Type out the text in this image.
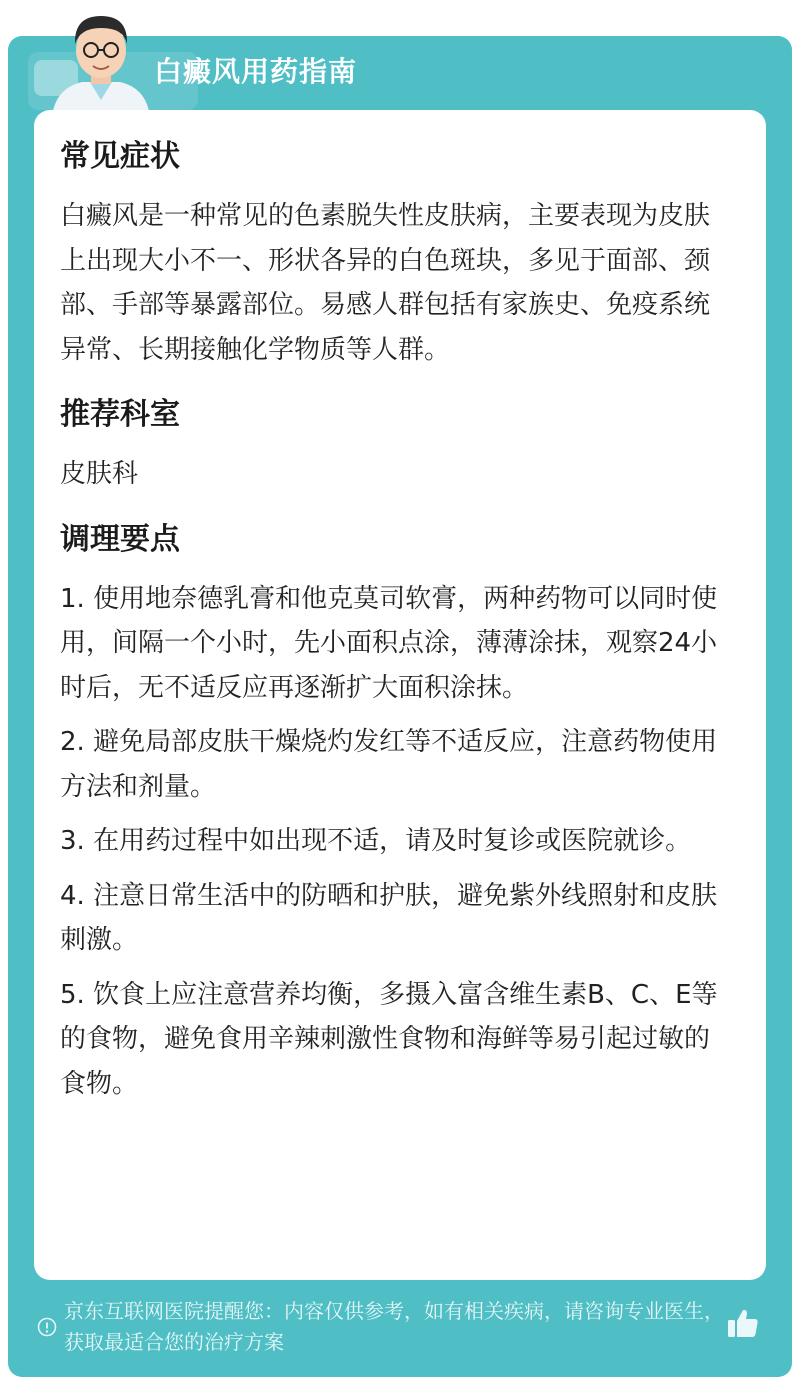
白癜风用药指南

常见症状

白癜风是一种常见的色素脱失性皮肤病，主要表现为皮肤上出现大小不一、形状各异的白色斑块，多见于面部、颈部、手部等暴露部位。易感人群包括有家族史、免疫系统异常、长期接触化学物质等人群。

推荐科室

皮肤科

调理要点

1. 使用地奈德乳膏和他克莫司软膏，两种药物可以同时使用，间隔一个小时，先小面积点涂，薄薄涂抹，观察24小时后，无不适反应再逐渐扩大面积涂抹。

2. 避免局部皮肤干燥烧灼发红等不适反应，注意药物使用方法和剂量。

3. 在用药过程中如出现不适，请及时复诊或医院就诊。

4. 注意日常生活中的防晒和护肤，避免紫外线照射和皮肤刺激。

5. 饮食上应注意营养均衡，多摄入富含维生素B、C、E等的食物，避免食用辛辣刺激性食物和海鲜等易引起过敏的食物。

京东互联网医院提醒您：内容仅供参考，如有相关疾病，请咨询专业医生，获取最适合您的治疗方案
